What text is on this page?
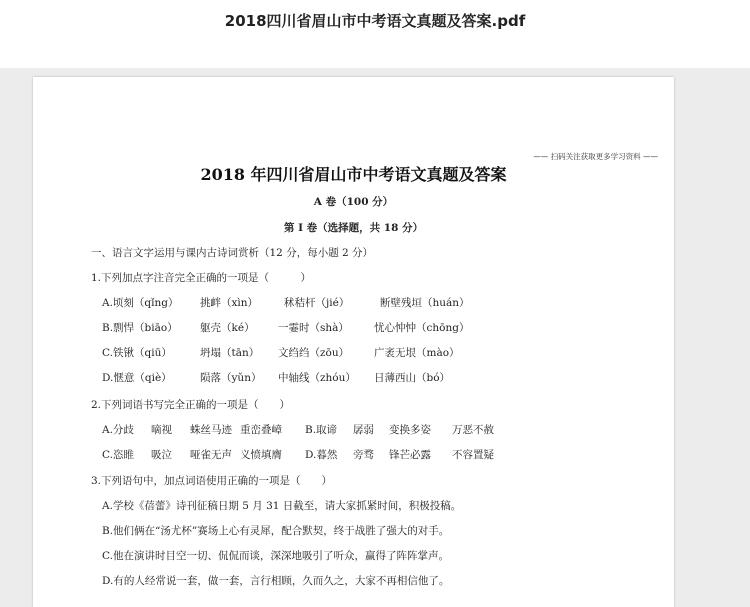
2018四川省眉山市中考语文真题及答案.pdf
—— 扫码关注获取更多学习资料 ——
2018 年四川省眉山市中考语文真题及答案
A 卷（100 分）
第 I 卷（选择题，共 18 分）
一、语言文字运用与课内古诗词赏析（12 分，每小题 2 分）
1.下列加点字注音完全正确的一项是（　　　）
A.顷刻（qǐng） 挑衅（xìn） 秫秸杆（jié）	断壁残垣（huán）
B.剽悍（biāo） 躯壳（ké） 一霎时（shà） 忧心忡忡（chōng）
C.铁锹（qiū）	坍塌（tān） 文绉绉（zōu） 广袤无垠（mào）
D.惬意（qiè）	陨落（yǔn） 中轴线（zhóu） 日薄西山（bó）
2.下列词语书写完全正确的一项是（　　）
A.分歧 嘀视 蛛丝马迹 重峦叠嶂 B.取谛 孱弱 变换多姿 万恶不赦
C.恣睢 吸泣 哑雀无声 义愤填膺 D.暮然 旁骛 锋芒必露 不容置疑
3.下列语句中，加点词语使用正确的一项是（　　）
A.学校《蓓蕾》诗刊征稿日期 5 月 31 日截至，请大家抓紧时间，积极投稿。
B.他们俩在“汤尤杯”赛场上心有灵犀，配合默契，终于战胜了强大的对手。
C.他在演讲时目空一切、侃侃而谈，深深地吸引了听众，赢得了阵阵掌声。
D.有的人经常说一套，做一套，言行相顾，久而久之，大家不再相信他了。
